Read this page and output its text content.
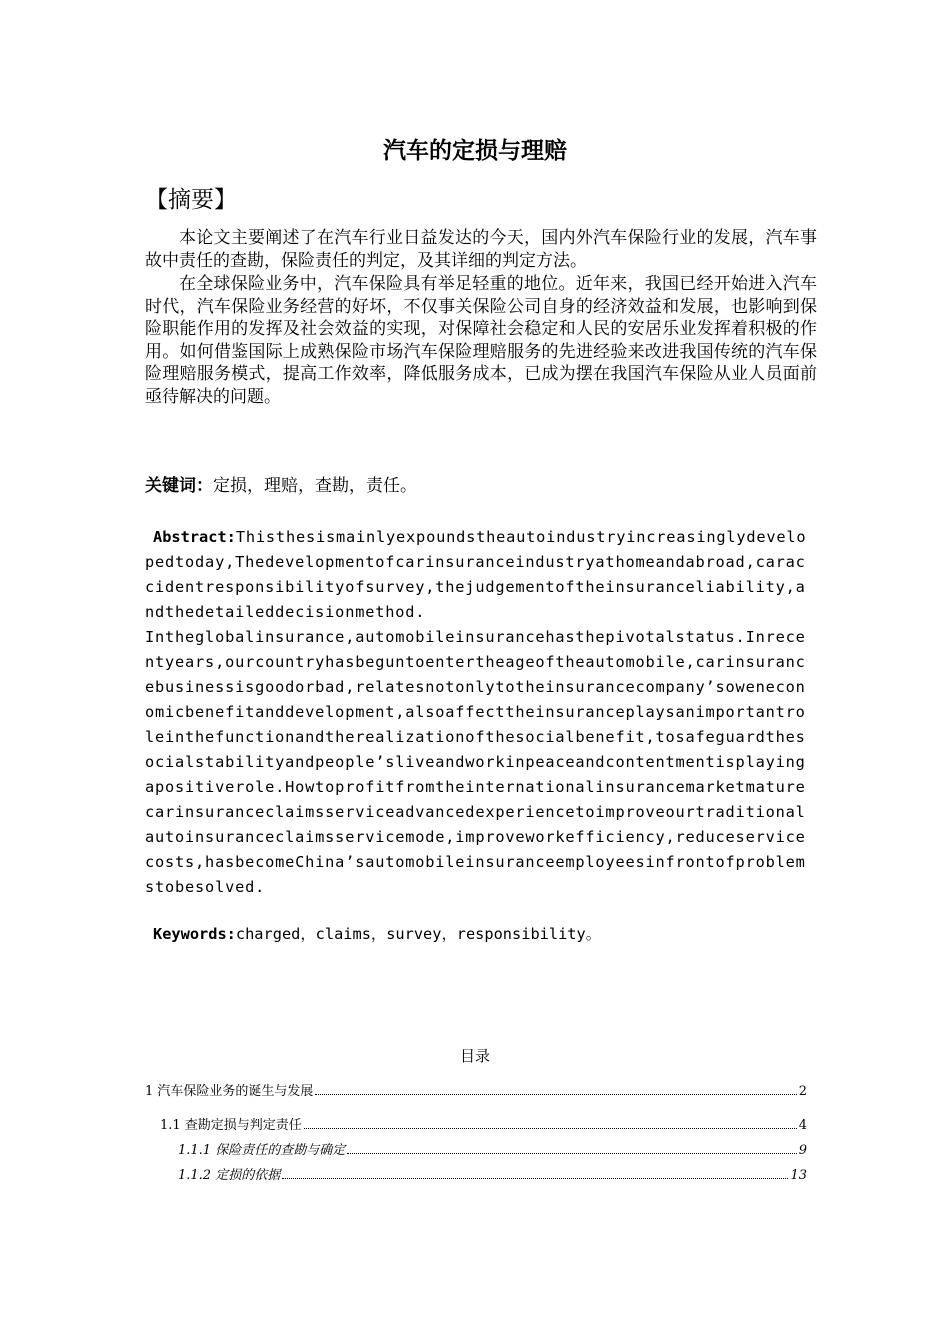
汽车的定损与理赔
【摘要】
本论文主要阐述了在汽车行业日益发达的今天，国内外汽车保险行业的发展，汽车事故中责任的查勘，保险责任的判定，及其详细的判定方法。
在全球保险业务中，汽车保险具有举足轻重的地位。近年来，我国已经开始进入汽车时代，汽车保险业务经营的好坏，不仅事关保险公司自身的经济效益和发展，也影响到保险职能作用的发挥及社会效益的实现，对保障社会稳定和人民的安居乐业发挥着积极的作用。如何借鉴国际上成熟保险市场汽车保险理赔服务的先进经验来改进我国传统的汽车保险理赔服务模式，提高工作效率，降低服务成本，已成为摆在我国汽车保险从业人员面前亟待解决的问题。
关键词：定损，理赔，查勘，责任。
Abstract:Thisthesismainlyexpoundstheautoindustryincreasinglydevelopedtoday,Thedevelopmentofcarinsuranceindustryathomeandabroad,caraccidentresponsibilityofsurvey,thejudgementoftheinsuranceliability,andthedetaileddecisionmethod.
Intheglobalinsurance,automobileinsurancehasthepivotalstatus.Inrecentyears,ourcountryhasbeguntoentertheageoftheautomobile,carinsurancebusinessisgoodorbad,relatesnotonlytotheinsurancecompany’soweneconomicbenefitanddevelopment,alsoaffecttheinsuranceplaysanimportantroleinthefunctionandtherealizationofthesocialbenefit,tosafeguardthesocialstabilityandpeople’sliveandworkinpeaceandcontentmentisplayingapositiverole.Howtoprofitfromtheinternationalinsurancemarketmaturecarinsuranceclaimsserviceadvancedexperiencetoimproveourtraditionalautoinsuranceclaimsservicemode,improveworkefficiency,reduceservicecosts,hasbecomeChina’sautomobileinsuranceemployeesinfrontofproblemstobesolved.
Keywords:charged，claims，survey，responsibility。
目录
1 汽车保险业务的诞生与发展	2
1.1 查勘定损与判定责任	4
1.1.1 保险责任的查勘与确定	9
1.1.2 定损的依据	13
